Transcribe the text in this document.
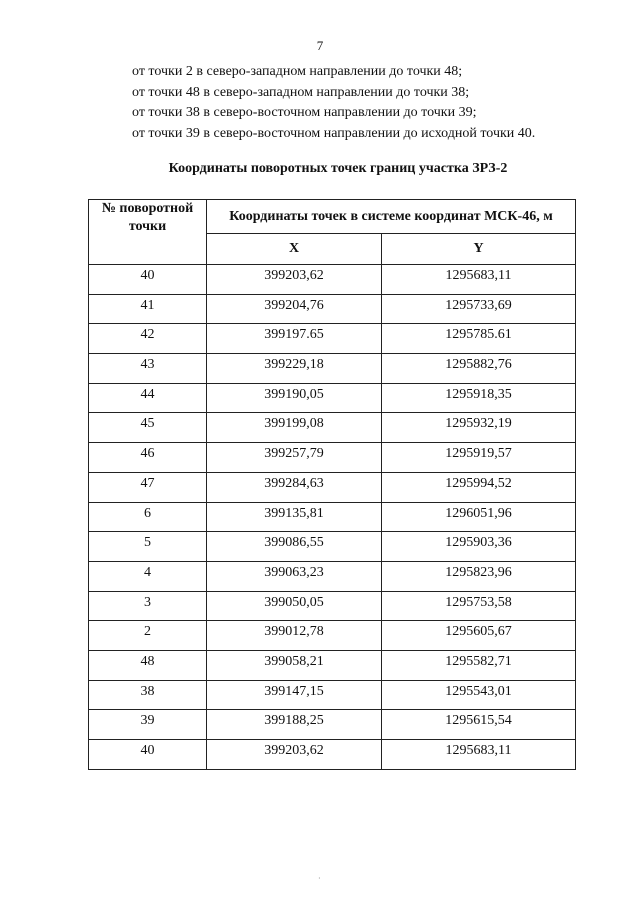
7
от точки 2 в северо-западном направлении до точки 48;
от точки 48 в северо-западном направлении до точки 38;
от точки 38 в северо-восточном направлении до точки 39;
от точки 39 в северо-восточном направлении до исходной точки 40.
Координаты поворотных точек границ участка ЗРЗ-2
№ поворотной точки	Координаты точек в системе координат МСК-46, м	
	X	Y
40	399203,62	1295683,11
41	399204,76	1295733,69
42	399197.65	1295785.61
43	399229,18	1295882,76
44	399190,05	1295918,35
45	399199,08	1295932,19
46	399257,79	1295919,57
47	399284,63	1295994,52
6	399135,81	1296051,96
5	399086,55	1295903,36
4	399063,23	1295823,96
3	399050,05	1295753,58
2	399012,78	1295605,67
48	399058,21	1295582,71
38	399147,15	1295543,01
39	399188,25	1295615,54
40	399203,62	1295683,11
·
